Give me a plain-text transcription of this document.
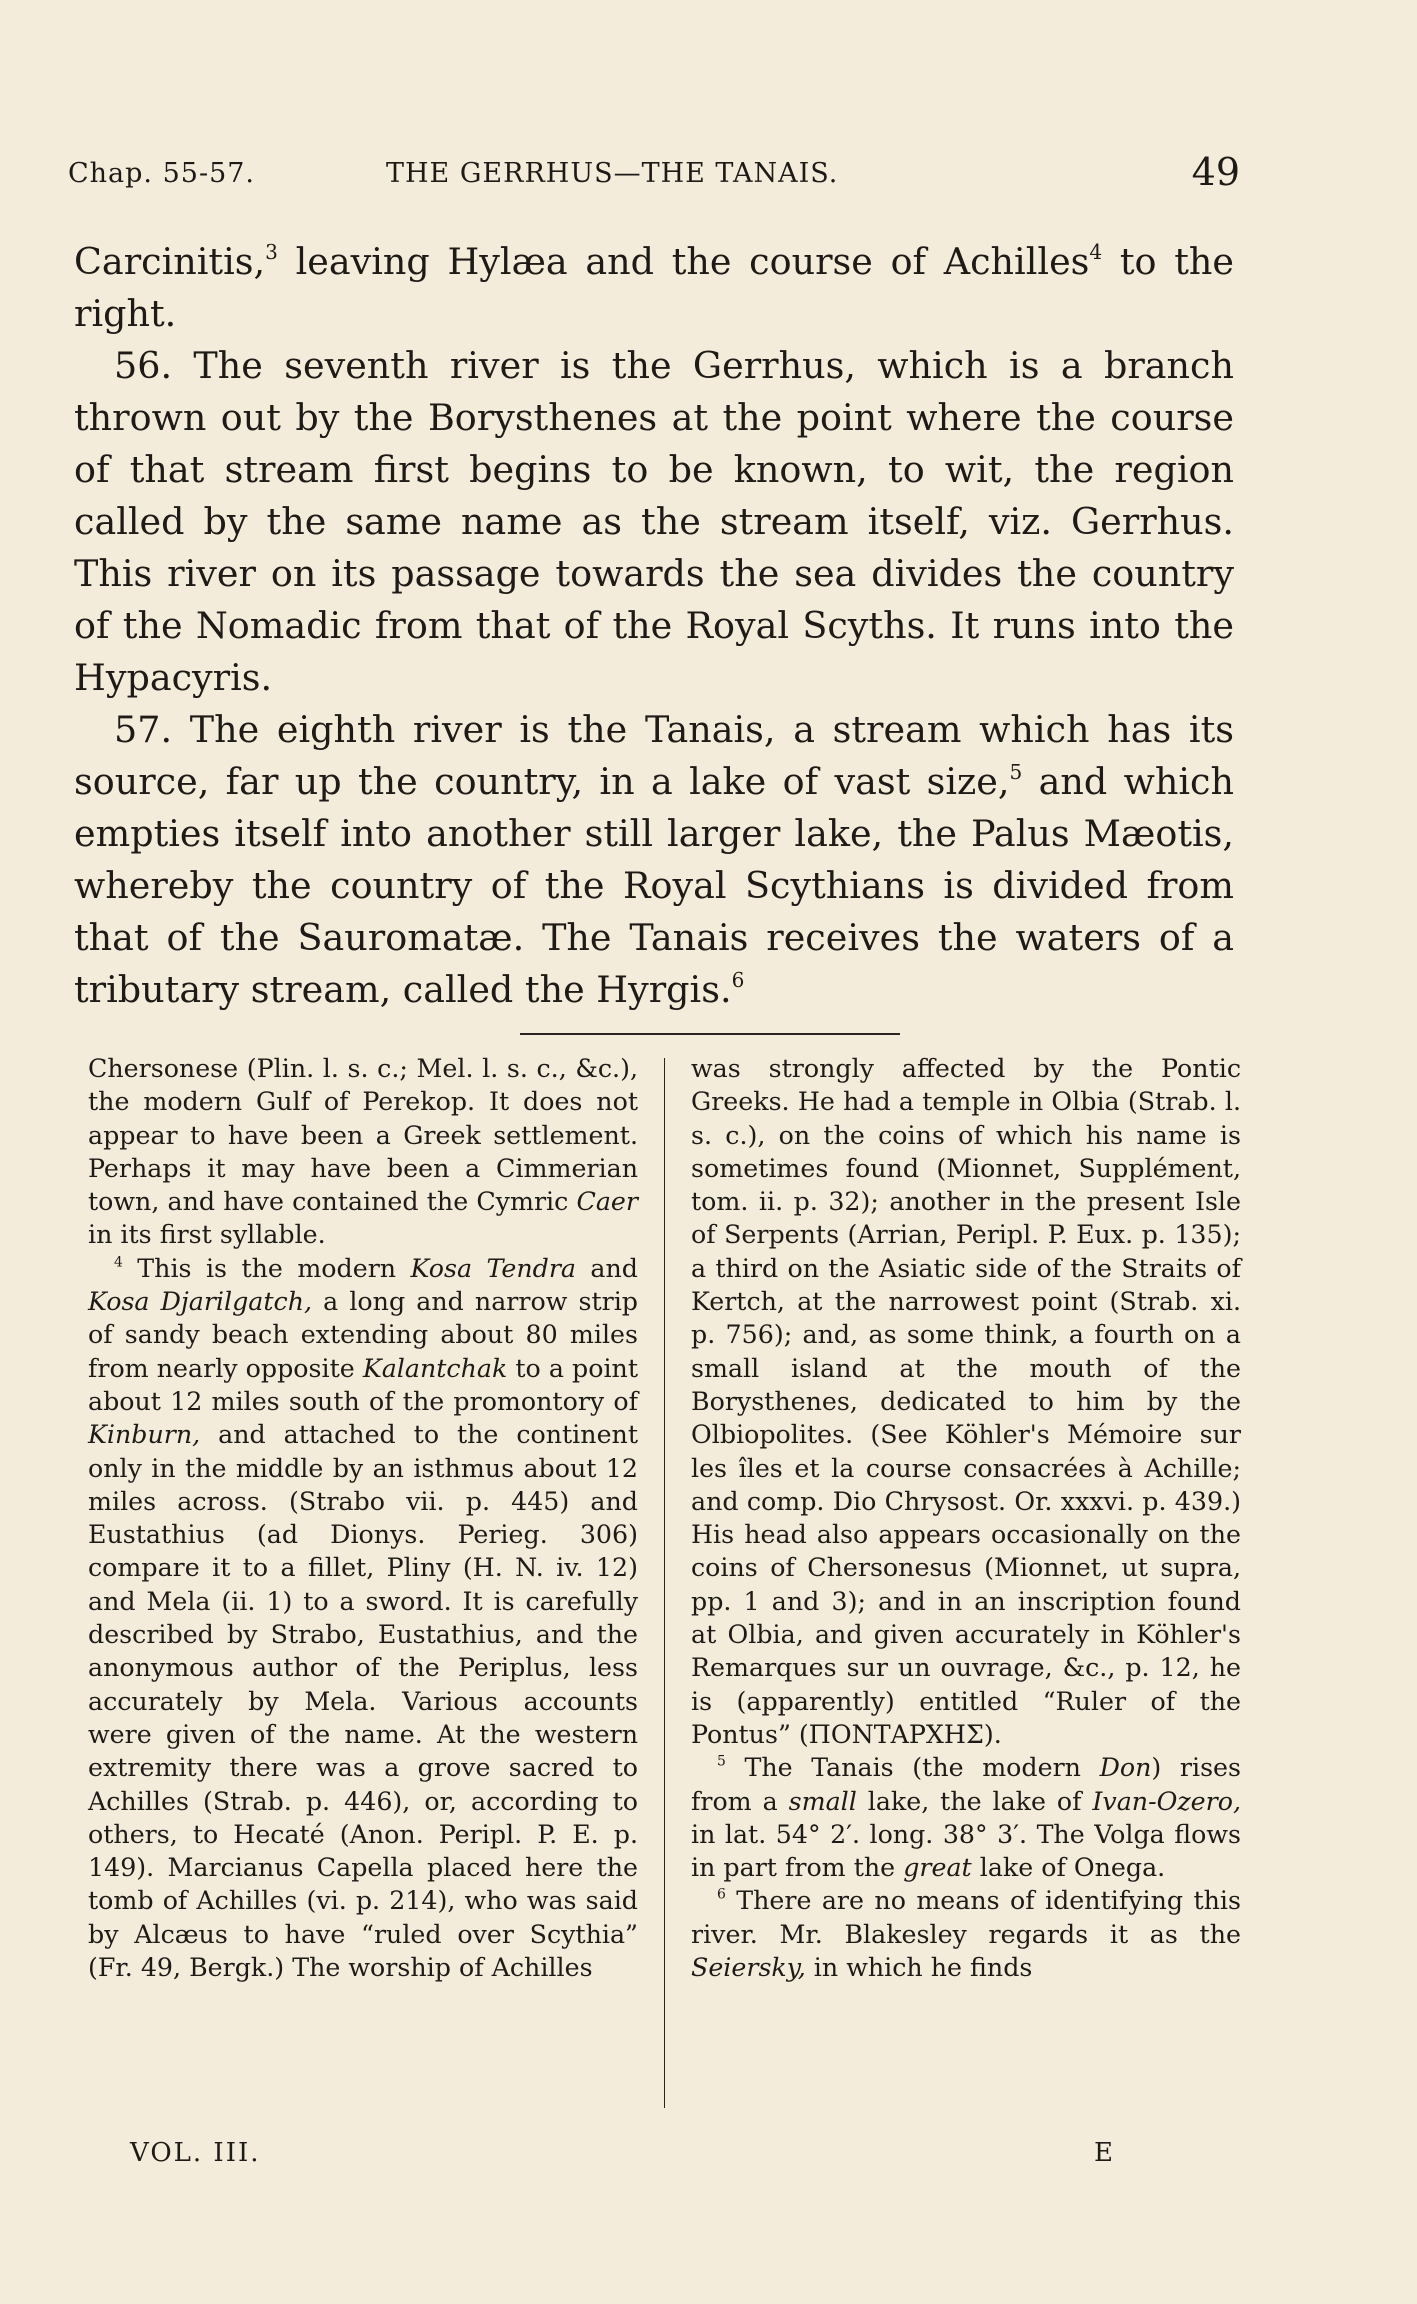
Chap. 55-57.	THE GERRHUS—THE TANAIS.	49

Carcinitis,$^3$ leaving Hylæa and the course of Achilles$^4$ to the right.

56. The seventh river is the Gerrhus, which is a branch thrown out by the Borysthenes at the point where the course of that stream first begins to be known, to wit, the region called by the same name as the stream itself, viz. Gerrhus. This river on its passage towards the sea divides the country of the Nomadic from that of the Royal Scyths. It runs into the Hypacyris.

57. The eighth river is the Tanais, a stream which has its source, far up the country, in a lake of vast size,$^5$ and which empties itself into another still larger lake, the Palus Mæotis, whereby the country of the Royal Scythians is divided from that of the Sauromatæ. The Tanais receives the waters of a tributary stream, called the Hyrgis.$^6$

Chersonese (Plin. l. s. c.; Mel. l. s. c., &c.), the modern Gulf of Perekop. It does not appear to have been a Greek settlement. Perhaps it may have been a Cimmerian town, and have contained the Cymric Caer in its first syllable.

$^4$ This is the modern Kosa Tendra and Kosa Djarilgatch, a long and narrow strip of sandy beach extending about 80 miles from nearly opposite Kalantchak to a point about 12 miles south of the promontory of Kinburn, and attached to the continent only in the middle by an isthmus about 12 miles across. (Strabo vii. p. 445) and Eustathius (ad Dionys. Perieg. 306) compare it to a fillet, Pliny (H. N. iv. 12) and Mela (ii. 1) to a sword. It is carefully described by Strabo, Eustathius, and the anonymous author of the Periplus, less accurately by Mela. Various accounts were given of the name. At the western extremity there was a grove sacred to Achilles (Strab. p. 446), or, according to others, to Hecaté (Anon. Peripl. P. E. p. 149). Marcianus Capella placed here the tomb of Achilles (vi. p. 214), who was said by Alcæus to have “ruled over Scythia” (Fr. 49, Bergk.) The worship of Achilles

was strongly affected by the Pontic Greeks. He had a temple in Olbia (Strab. l. s. c.), on the coins of which his name is sometimes found (Mionnet, Supplément, tom. ii. p. 32); another in the present Isle of Serpents (Arrian, Peripl. P. Eux. p. 135); a third on the Asiatic side of the Straits of Kertch, at the narrowest point (Strab. xi. p. 756); and, as some think, a fourth on a small island at the mouth of the Borysthenes, dedicated to him by the Olbiopolites. (See Köhler's Mémoire sur les îles et la course consacrées à Achille; and comp. Dio Chrysost. Or. xxxvi. p. 439.) His head also appears occasionally on the coins of Chersonesus (Mionnet, ut supra, pp. 1 and 3); and in an inscription found at Olbia, and given accurately in Köhler's Remarques sur un ouvrage, &c., p. 12, he is (apparently) entitled “Ruler of the Pontus” (ΠΟΝΤΑΡΧΗΣ).

$^5$ The Tanais (the modern Don) rises from a small lake, the lake of Ivan-Ozero, in lat. 54° 2′. long. 38° 3′. The Volga flows in part from the great lake of Onega.

$^6$ There are no means of identifying this river. Mr. Blakesley regards it as the Seiersky, in which he finds

VOL. III.	E
